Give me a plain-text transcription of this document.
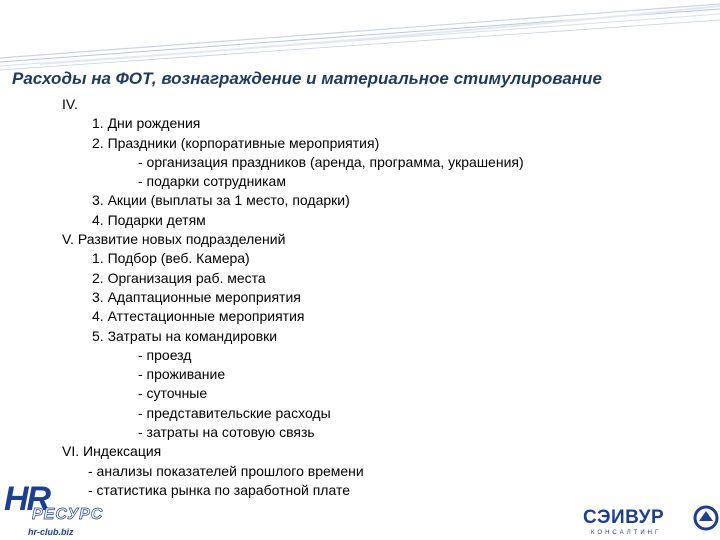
Расходы на ФОТ, вознаграждение и материальное стимулирование
IV.
1. Дни рождения
2. Праздники (корпоративные мероприятия)
- организация праздников (аренда, программа, украшения)
- подарки сотрудникам
3. Акции (выплаты за 1 место, подарки)
4. Подарки детям
V. Развитие новых подразделений
1. Подбор (веб. Камера)
2. Организация раб. места
3. Адаптационные мероприятия
4. Аттестационные мероприятия
5. Затраты на командировки
- проезд
- проживание
- суточные
- представительские расходы
- затраты на сотовую связь
VI. Индексация
- анализы показателей прошлого времени
- статистика рынка по заработной плате
HR
РЕСУРС
hr-club.biz
СЭИВУР
КОНСАЛТИНГ
